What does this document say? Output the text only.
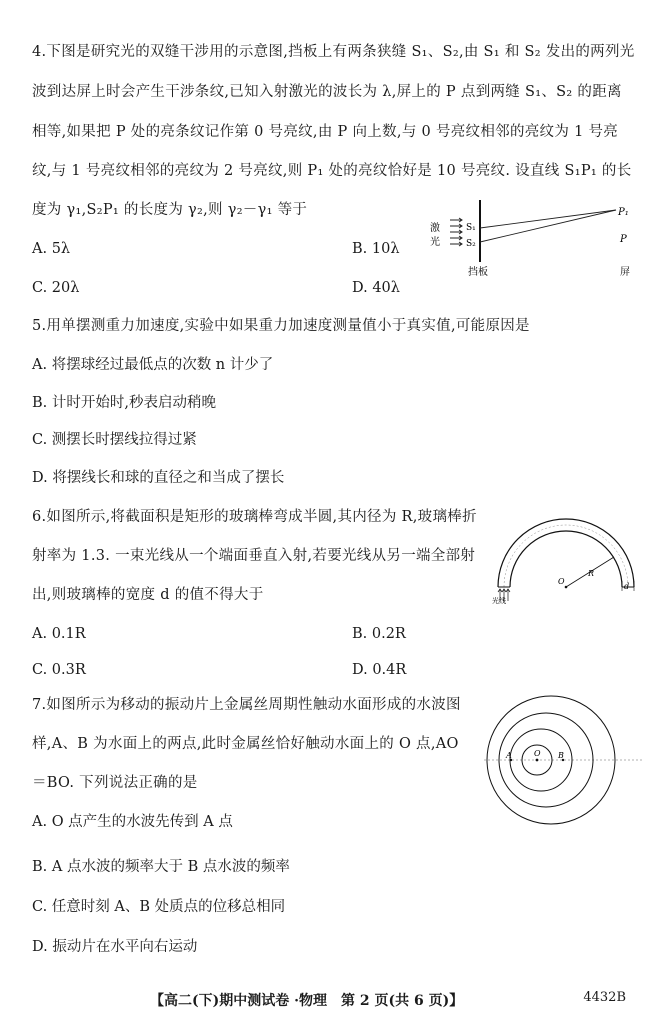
4.下图是研究光的双缝干涉用的示意图,挡板上有两条狭缝 S₁、S₂,由 S₁ 和 S₂ 发出的两列光
波到达屏上时会产生干涉条纹,已知入射激光的波长为 λ,屏上的 P 点到两缝 S₁、S₂ 的距离
相等,如果把 P 处的亮条纹记作第 0 号亮纹,由 P 向上数,与 0 号亮纹相邻的亮纹为 1 号亮
纹,与 1 号亮纹相邻的亮纹为 2 号亮纹,则 P₁ 处的亮纹恰好是 10 号亮纹. 设直线 S₁P₁ 的长
度为 γ₁,S₂P₁ 的长度为 γ₂,则 γ₂－γ₁ 等于
A. 5λ	B. 10λ
C. 20λ	D. 40λ
激
光
S₁
S₂
P₁
P
挡板	屏
5.用单摆测重力加速度,实验中如果重力加速度测量值小于真实值,可能原因是
A. 将摆球经过最低点的次数 n 计少了
B. 计时开始时,秒表启动稍晚
C. 测摆长时摆线拉得过紧
D. 将摆线长和球的直径之和当成了摆长
6.如图所示,将截面积是矩形的玻璃棒弯成半圆,其内径为 R,玻璃棒折
射率为 1.3. 一束光线从一个端面垂直入射,若要光线从另一端全部射
出,则玻璃棒的宽度 d 的值不得大于
A. 0.1R	B. 0.2R
C. 0.3R	D. 0.4R
O
R
d
光线
7.如图所示为移动的振动片上金属丝周期性触动水面形成的水波图
样,A、B 为水面上的两点,此时金属丝恰好触动水面上的 O 点,AO
＝BO. 下列说法正确的是
A. O 点产生的水波先传到 A 点
B. A 点水波的频率大于 B 点水波的频率
C. 任意时刻 A、B 处质点的位移总相同
D. 振动片在水平向右运动
A	O B
【高二(下)期中测试卷 ·物理　第 2 页(共 6 页)】	4432B
